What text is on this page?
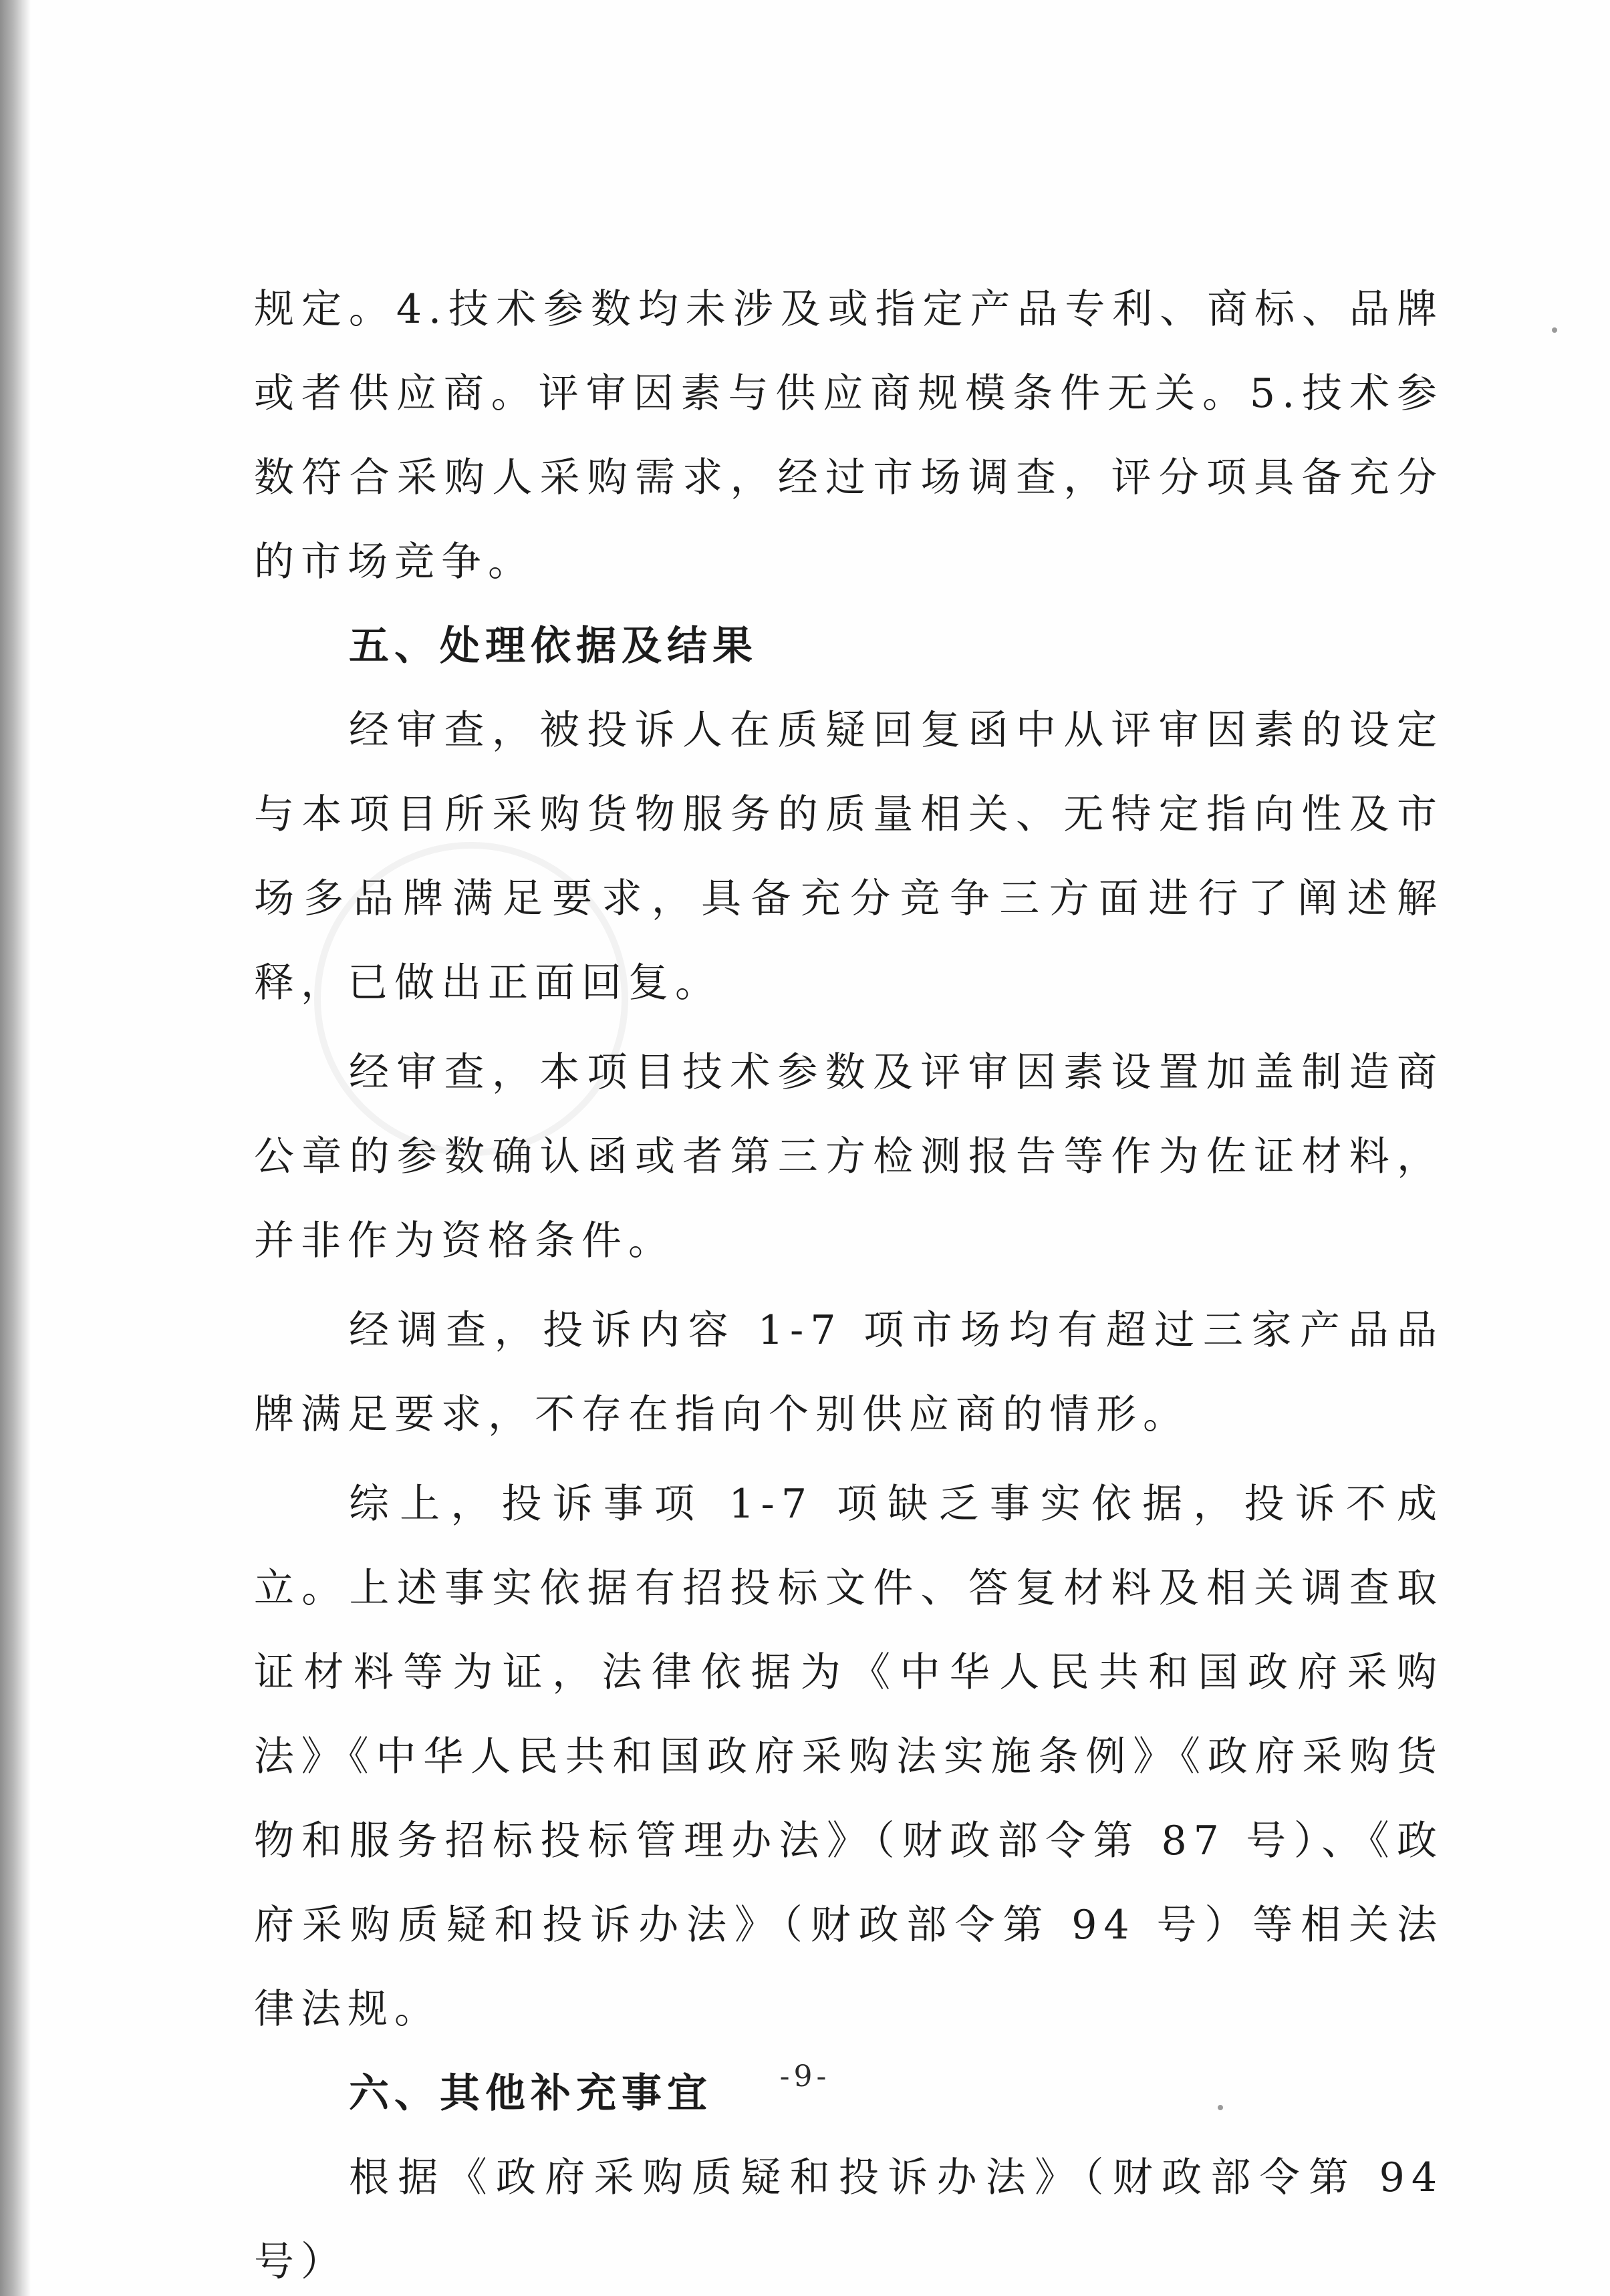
规定。4.技术参数均未涉及或指定产品专利、商标、品牌或者供应商。评审因素与供应商规模条件无关。5.技术参数符合采购人采购需求，经过市场调查，评分项具备充分的市场竞争。

五、处理依据及结果

经审查，被投诉人在质疑回复函中从评审因素的设定与本项目所采购货物服务的质量相关、无特定指向性及市场多品牌满足要求，具备充分竞争三方面进行了阐述解释，已做出正面回复。

经审查，本项目技术参数及评审因素设置加盖制造商公章的参数确认函或者第三方检测报告等作为佐证材料，并非作为资格条件。

经调查，投诉内容 1-7 项市场均有超过三家产品品牌满足要求，不存在指向个别供应商的情形。

综上，投诉事项 1-7 项缺乏事实依据，投诉不成立。上述事实依据有招投标文件、答复材料及相关调查取证材料等为证，法律依据为《中华人民共和国政府采购法》《中华人民共和国政府采购法实施条例》《政府采购货物和服务招标投标管理办法》（财政部令第 87 号）、《政府采购质疑和投诉办法》（财政部令第 94 号）等相关法律法规。

六、其他补充事宜

根据《政府采购质疑和投诉办法》（财政部令第 94 号）

-9-
